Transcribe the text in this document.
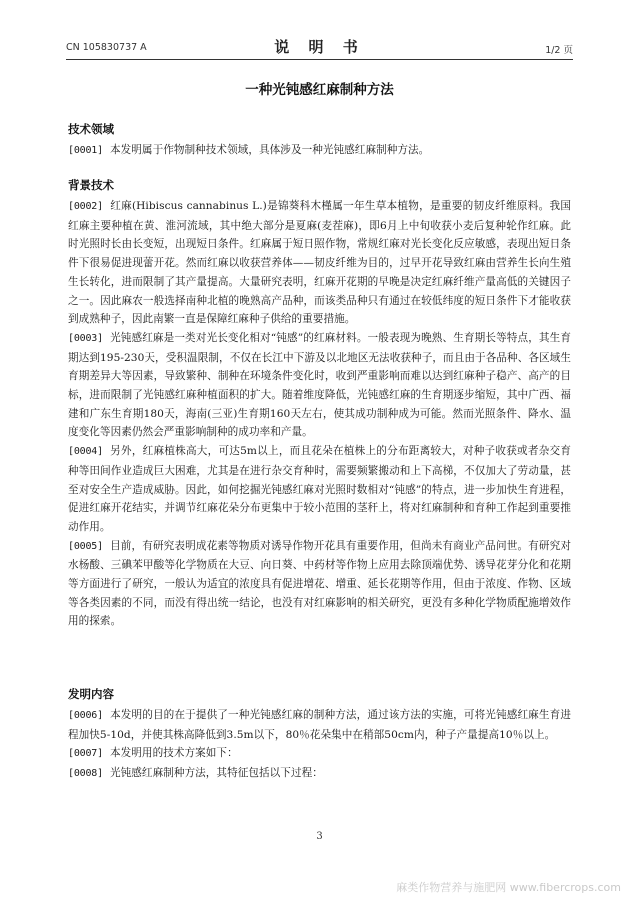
CN 105830737 A	说 明 书	1/2 页
一种光钝感红麻制种方法

技术领域

[0001] 本发明属于作物制种技术领域，具体涉及一种光钝感红麻制种方法。

背景技术

[0002] 红麻(Hibiscus cannabinus L.)是锦葵科木槿属一年生草本植物，是重要的韧皮纤维原料。我国红麻主要种植在黄、淮河流域，其中绝大部分是夏麻(麦茬麻)，即6月上中旬收获小麦后复种轮作红麻。此时光照时长由长变短，出现短日条件。红麻属于短日照作物，常规红麻对光长变化反应敏感，表现出短日条件下很易促进现蕾开花。然而红麻以收获营养体——韧皮纤维为目的，过早开花导致红麻由营养生长向生殖生长转化，进而限制了其产量提高。大量研究表明，红麻开花期的早晚是决定红麻纤维产量高低的关键因子之一。因此麻农一般选择南种北植的晚熟高产品种，而该类品种只有通过在较低纬度的短日条件下才能收获到成熟种子，因此南繁一直是保障红麻种子供给的重要措施。

[0003] 光钝感红麻是一类对光长变化相对“钝感”的红麻材料。一般表现为晚熟、生育期长等特点，其生育期达到195-230天，受积温限制，不仅在长江中下游及以北地区无法收获种子，而且由于各品种、各区域生育期差异大等因素，导致繁种、制种在环境条件变化时，收到严重影响而难以达到红麻种子稳产、高产的目标，进而限制了光钝感红麻种植面积的扩大。随着维度降低，光钝感红麻的生育期逐步缩短，其中广西、福建和广东生育期180天，海南(三亚)生育期160天左右，使其成功制种成为可能。然而光照条件、降水、温度变化等因素仍然会严重影响制种的成功率和产量。

[0004] 另外，红麻植株高大，可达5m以上，而且花朵在植株上的分布距离较大，对种子收获或者杂交育种等田间作业造成巨大困难，尤其是在进行杂交育种时，需要频繁搬动和上下高梯，不仅加大了劳动量，甚至对安全生产造成威胁。因此，如何挖掘光钝感红麻对光照时数相对“钝感”的特点，进一步加快生育进程，促进红麻开花结实，并调节红麻花朵分布更集中于较小范围的茎秆上，将对红麻制种和育种工作起到重要推动作用。

[0005] 目前，有研究表明成花素等物质对诱导作物开花具有重要作用，但尚未有商业产品问世。有研究对水杨酸、三碘苯甲酸等化学物质在大豆、向日葵、中药材等作物上应用去除顶端优势、诱导花芽分化和花期等方面进行了研究，一般认为适宜的浓度具有促进增花、增重、延长花期等作用，但由于浓度、作物、区域等各类因素的不同，而没有得出统一结论，也没有对红麻影响的相关研究，更没有多种化学物质配施增效作用的探索。

发明内容

[0006] 本发明的目的在于提供了一种光钝感红麻的制种方法，通过该方法的实施，可将光钝感红麻生育进程加快5-10d，并使其株高降低到3.5m以下，80％花朵集中在稍部50cm内，种子产量提高10％以上。

[0007] 本发明用的技术方案如下：

[0008] 光钝感红麻制种方法，其特征包括以下过程：

3
麻类作物营养与施肥网 www.fibercrops.com
